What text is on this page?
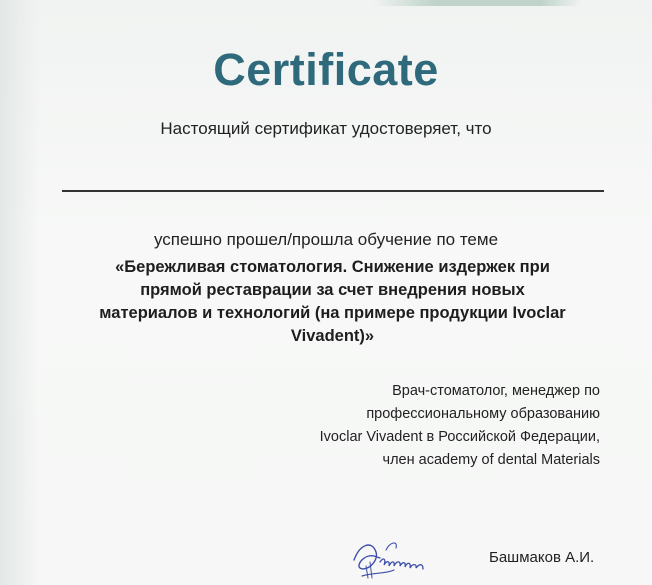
Certificate
Настоящий сертификат удостоверяет, что
успешно прошел/прошла обучение по теме
«Бережливая стоматология. Снижение издержек при
прямой реставрации за счет внедрения новых
материалов и технологий (на примере продукции Ivoclar
Vivadent)»
Врач-стоматолог, менеджер по
профессиональному образованию
Ivoclar Vivadent в Российской Федерации,
член academy of dental Materials
Башмаков А.И.
